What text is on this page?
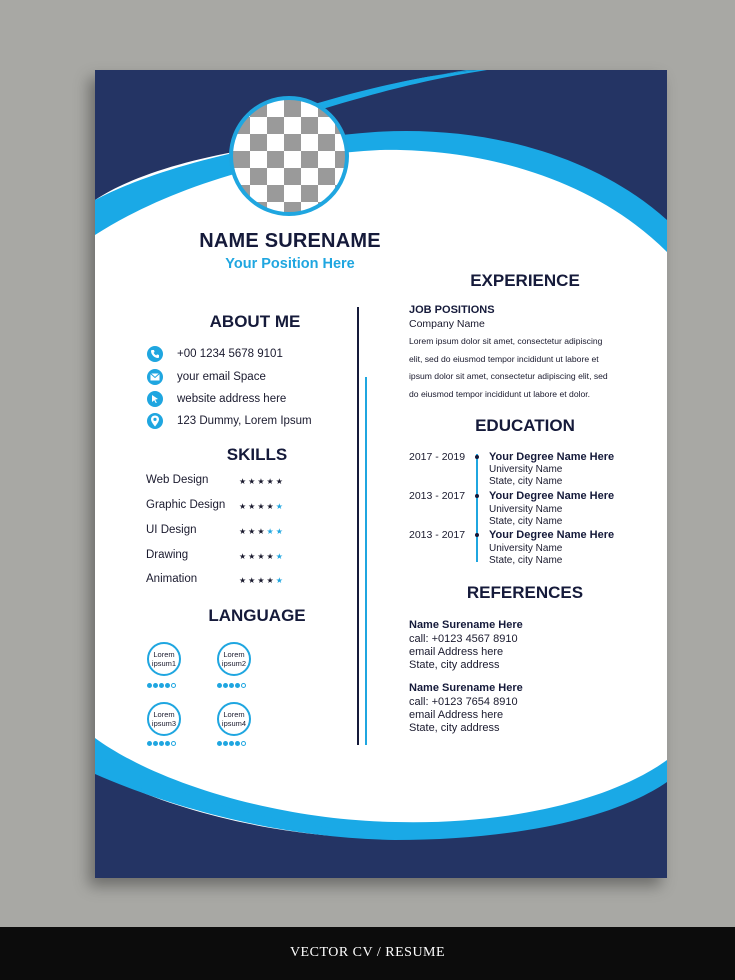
NAME SURENAME
Your Position Here
ABOUT ME
+00 1234 5678 9101
your email Space
website address here
123 Dummy, Lorem Ipsum
SKILLS
Web Design	★★★★★
Graphic Design ★★★★★
UI Design	★★★★★
Drawing	★★★★★
Animation	★★★★★
LANGUAGE
Lorem
ipsum1
Lorem
ipsum2
Lorem
ipsum3
Lorem
ipsum4
EXPERIENCE
JOB POSITIONS
Company Name
Lorem ipsum dolor sit amet, consectetur adipiscing
elit, sed do eiusmod tempor incididunt ut labore et
ipsum dolor sit amet, consectetur adipiscing elit, sed
do eiusmod tempor incididunt ut labore et dolor.
EDUCATION
2017 - 2019 Your Degree Name Here
University Name
State, city Name
2013 - 2017 Your Degree Name Here
University Name
State, city Name
2013 - 2017 Your Degree Name Here
University Name
State, city Name
REFERENCES
Name Surename Here
call: +0123 4567 8910
email Address here
State, city address
Name Surename Here
call: +0123 7654 8910
email Address here
State, city address
VECTOR CV / RESUME
